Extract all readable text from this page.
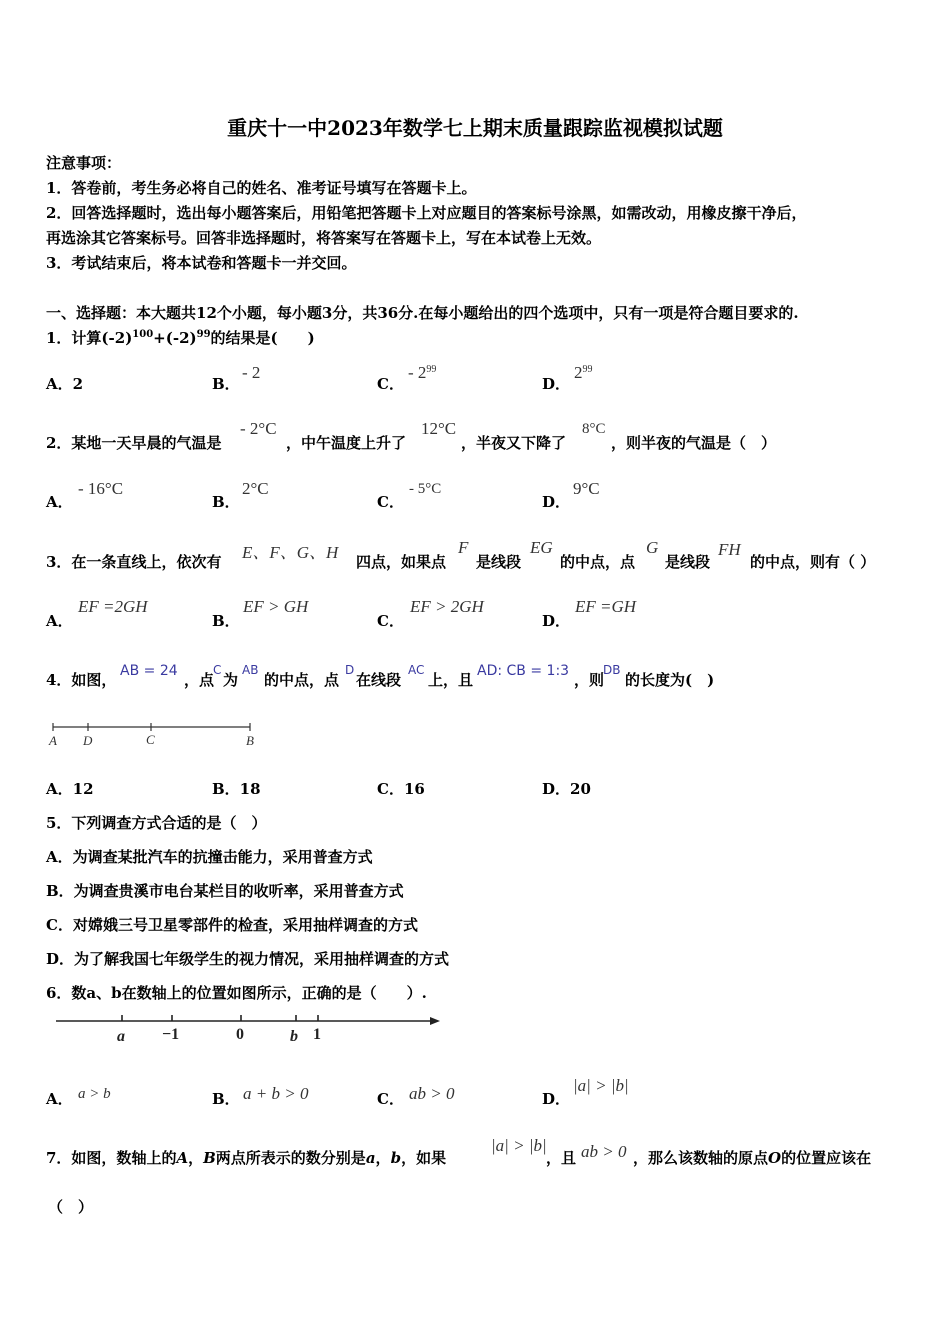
重庆十一中2023年数学七上期末质量跟踪监视模拟试题
注意事项：
1．答卷前，考生务必将自己的姓名、准考证号填写在答题卡上。
2．回答选择题时，选出每小题答案后，用铅笔把答题卡上对应题目的答案标号涂黑，如需改动，用橡皮擦干净后，
再选涂其它答案标号。回答非选择题时，将答案写在答题卡上，写在本试卷上无效。
3．考试结束后，将本试卷和答题卡一并交回。
一、选择题：本大题共12个小题，每小题3分，共36分.在每小题给出的四个选项中，只有一项是符合题目要求的.
1．计算$(-2)^{100}+(-2)^{99}$的结果是(　　)
A．2	B．
- 2
C．
- $2^{99}$
D．
$2^{99}$
2．某地一天早晨的气温是
- 2°C
，中午温度上升了
12°C
，半夜又下降了
8°C
，则半夜的气温是（　）
A．
- 16°C
B．
2°C
C．
- 5°C
D．
9°C
3．在一条直线上，依次有 E、F、G、H 四点，如果点
F
是线段
EG
的中点，点
G
是线段
FH
的中点，则有（ ）
A．
EF =2GH
B．
EF > GH
C．
EF > 2GH
D．
EF =GH
4．如图， AB = 24 ，点
C
为
AB
的中点，点
D
在线段
AC
上，且 AD: CB = 1:3 ，则
DB
的长度为(　)
A D	C	B
A．12	B．18	C．16	D．20
5．下列调查方式合适的是（　）
A．为调查某批汽车的抗撞击能力，采用普查方式
B．为调查贵溪市电台某栏目的收听率，采用普查方式
C．对嫦娥三号卫星零部件的检查，采用抽样调查的方式
D．为了解我国七年级学生的视力情况，采用抽样调查的方式
6．数a、b在数轴上的位置如图所示，正确的是（　　）.
a −1	0	b 1
A． a > b	B． a + b > 0	C． ab > 0	D．
|a| > |b|
7．如图，数轴上的A，B两点所表示的数分别是a，b，如果
|a| > |b|
，且 ab > 0 ，那么该数轴的原点O的位置应该在
（　）
